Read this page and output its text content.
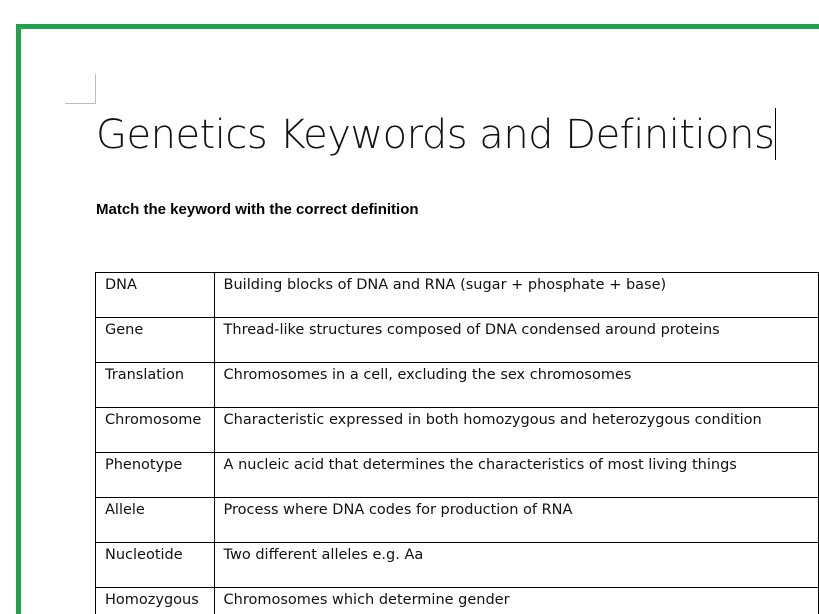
Genetics Keywords and Definitions
Match the keyword with the correct definition
DNA	Building blocks of DNA and RNA (sugar + phosphate + base)
Gene	Thread-like structures composed of DNA condensed around proteins
Translation	Chromosomes in a cell, excluding the sex chromosomes
Chromosome	Characteristic expressed in both homozygous and heterozygous condition
Phenotype	A nucleic acid that determines the characteristics of most living things
Allele	Process where DNA codes for production of RNA
Nucleotide	Two different alleles e.g. Aa
Homozygous	Chromosomes which determine gender
